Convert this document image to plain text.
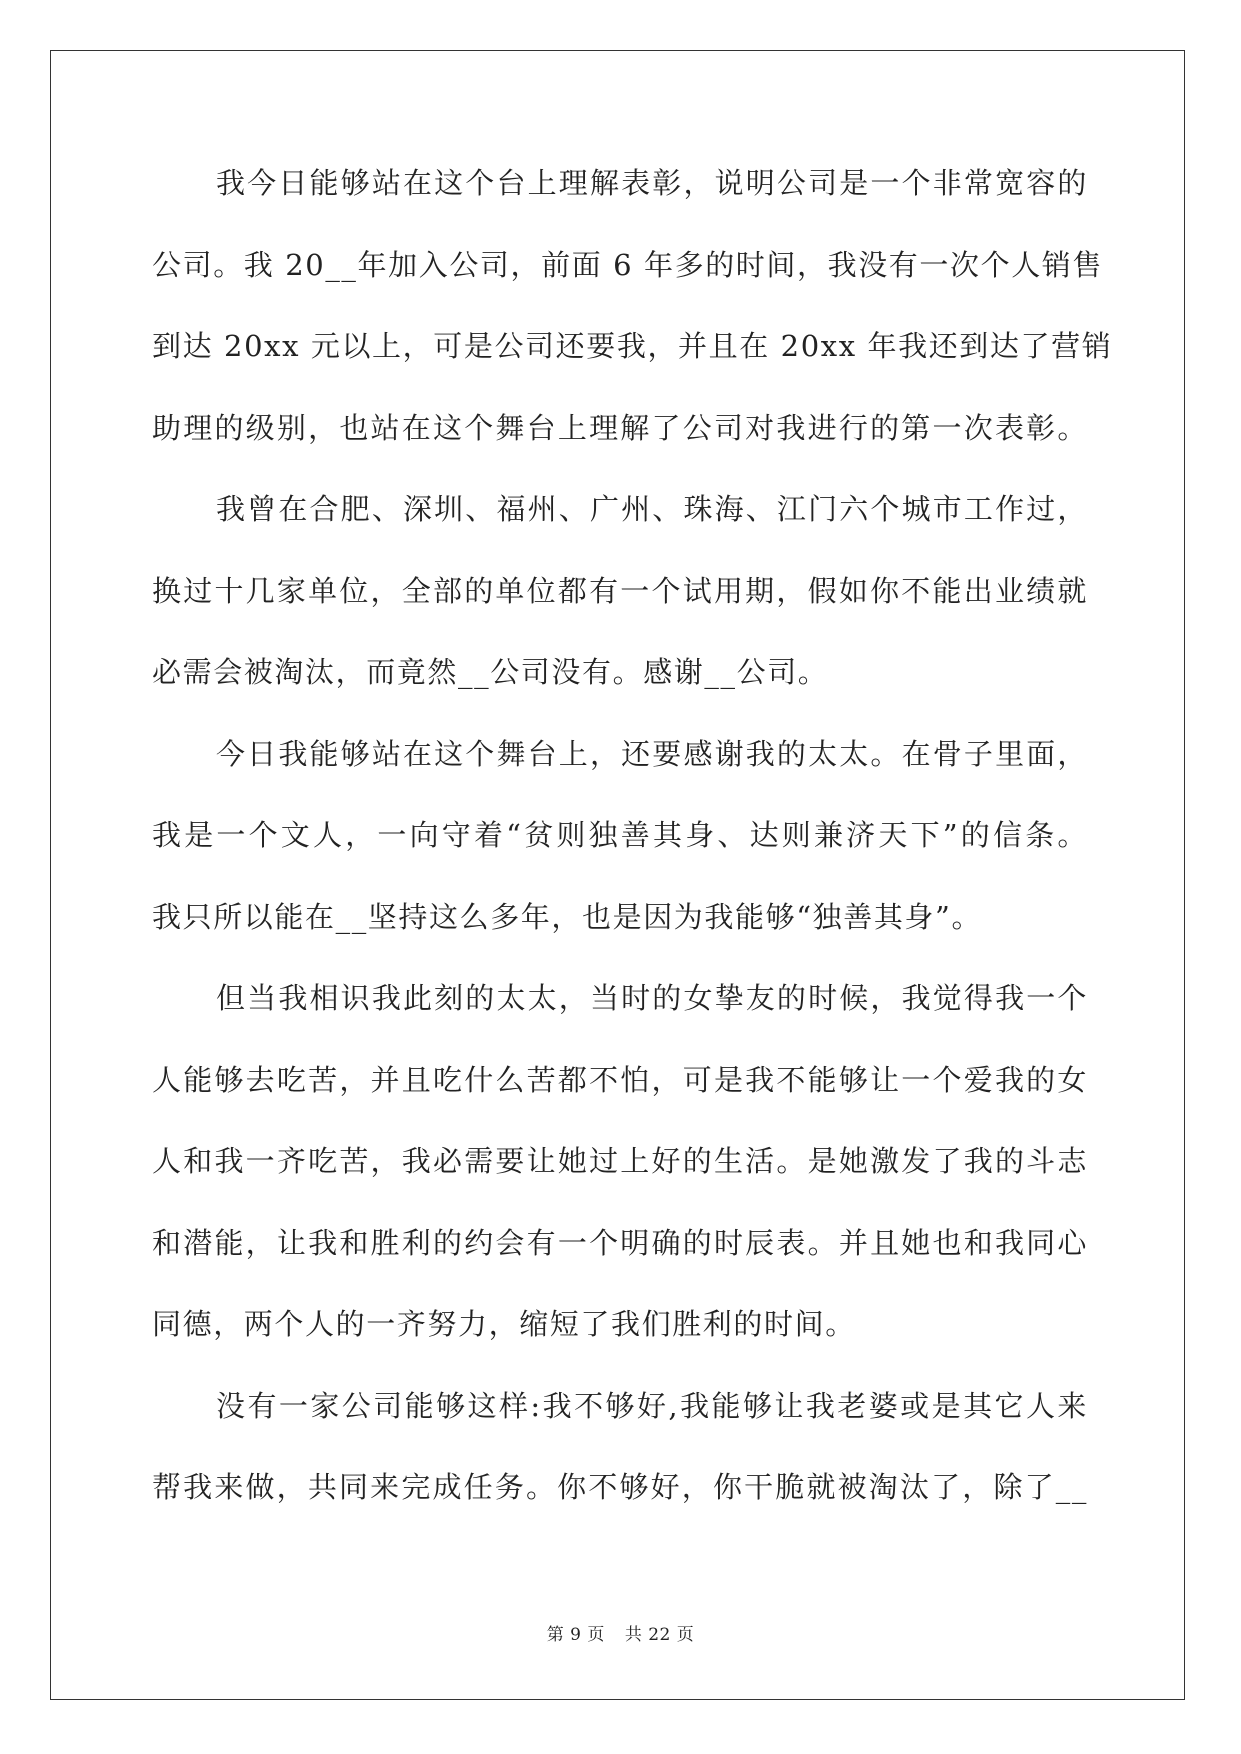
我今日能够站在这个台上理解表彰，说明公司是一个非常宽容的
公司。我 20__年加入公司，前面 6 年多的时间，我没有一次个人销售
到达 20xx 元以上，可是公司还要我，并且在 20xx 年我还到达了营销
助理的级别，也站在这个舞台上理解了公司对我进行的第一次表彰。
我曾在合肥、深圳、福州、广州、珠海、江门六个城市工作过，
换过十几家单位，全部的单位都有一个试用期，假如你不能出业绩就
必需会被淘汰，而竟然__公司没有。感谢__公司。
今日我能够站在这个舞台上，还要感谢我的太太。在骨子里面，
我是一个文人，一向守着“贫则独善其身、达则兼济天下”的信条。
我只所以能在__坚持这么多年，也是因为我能够“独善其身”。
但当我相识我此刻的太太，当时的女挚友的时候，我觉得我一个
人能够去吃苦，并且吃什么苦都不怕，可是我不能够让一个爱我的女
人和我一齐吃苦，我必需要让她过上好的生活。是她激发了我的斗志
和潜能，让我和胜利的约会有一个明确的时辰表。并且她也和我同心
同德，两个人的一齐努力，缩短了我们胜利的时间。
没有一家公司能够这样:我不够好,我能够让我老婆或是其它人来
帮我来做，共同来完成任务。你不够好，你干脆就被淘汰了，除了__
第 9 页 共 22 页
